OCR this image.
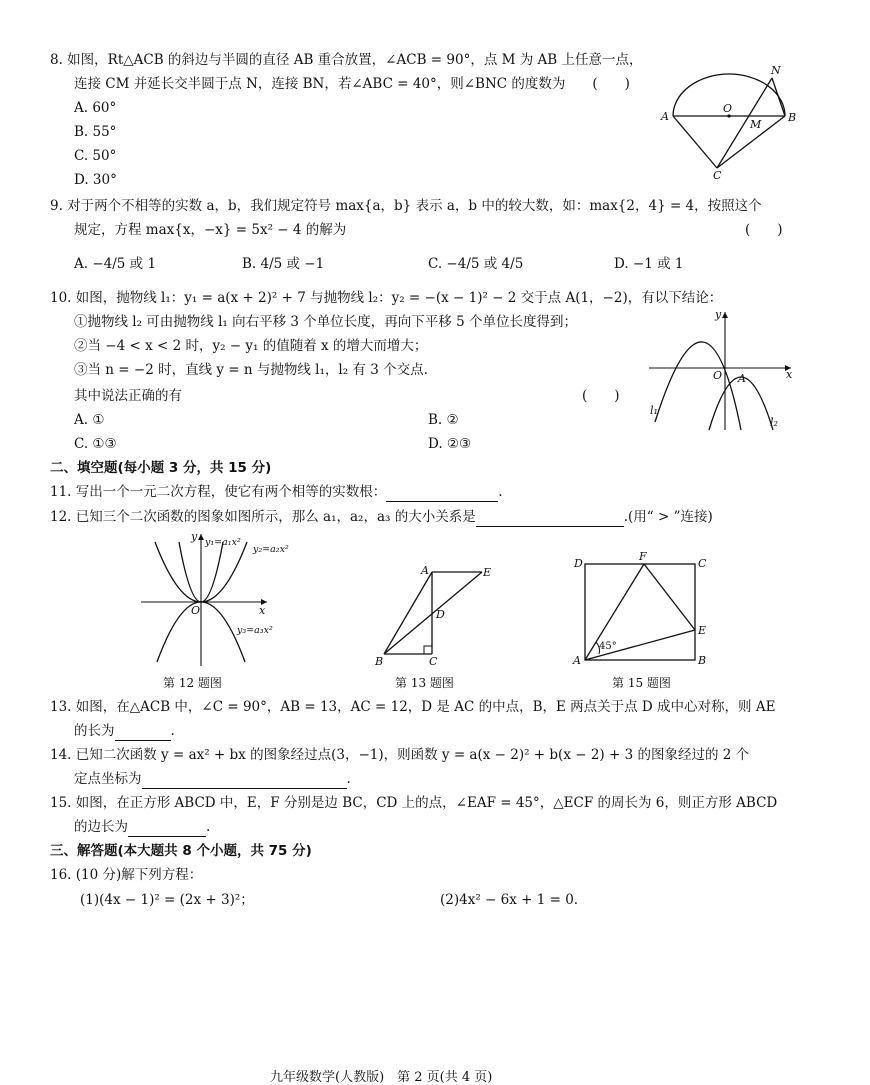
8. 如图，Rt△ACB 的斜边与半圆的直径 AB 重合放置，∠ACB = 90°，点 M 为 AB 上任意一点，
连接 CM 并延长交半圆于点 N，连接 BN，若∠ABC = 40°，则∠BNC 的度数为　　(　　)
A. 60°
B. 55°
C. 50°
D. 30°
A	B
C
O
M
N
9. 对于两个不相等的实数 a，b，我们规定符号 max{a，b} 表示 a，b 中的较大数，如：max{2，4} = 4，按照这个
规定，方程 max{x，−x} = 5x² − 4 的解为	(　　)
A. −4/5 或 1	B. 4/5 或 −1	C. −4/5 或 4/5	D. −1 或 1
10. 如图，抛物线 l₁：y₁ = a(x + 2)² + 7 与抛物线 l₂：y₂ = −(x − 1)² − 2 交于点 A(1，−2)，有以下结论：
①抛物线 l₂ 可由抛物线 l₁ 向右平移 3 个单位长度，再向下平移 5 个单位长度得到；
②当 −4 < x < 2 时，y₂ − y₁ 的值随着 x 的增大而增大；
③当 n = −2 时，直线 y = n 与抛物线 l₁，l₂ 有 3 个交点.
其中说法正确的有	(　　)
A. ①	B. ②
C. ①③	D. ②③
y
x
O A
l₁
l₂
二、填空题(每小题 3 分，共 15 分)
11. 写出一个一元二次方程，使它有两个相等的实数根：	.
12. 已知三个二次函数的图象如图所示，那么 a₁，a₂，a₃ 的大小关系是	.(用“ > ”连接)
y
x
O
y₁=a₁x²
y₂=a₂x²
y₃=a₃x²
第 12 题图
A	E
D
B	C
第 13 题图
D	C
F
E
A	B
45°
第 15 题图
13. 如图，在△ACB 中，∠C = 90°，AB = 13，AC = 12，D 是 AC 的中点，B，E 两点关于点 D 成中心对称，则 AE
的长为	.
14. 已知二次函数 y = ax² + bx 的图象经过点(3，−1)，则函数 y = a(x − 2)² + b(x − 2) + 3 的图象经过的 2 个
定点坐标为	.
15. 如图，在正方形 ABCD 中，E，F 分别是边 BC，CD 上的点，∠EAF = 45°，△ECF 的周长为 6，则正方形 ABCD
的边长为	.
三、解答题(本大题共 8 个小题，共 75 分)
16. (10 分)解下列方程：
(1)(4x − 1)² = (2x + 3)²；	(2)4x² − 6x + 1 = 0.
九年级数学(人教版)　第 2 页(共 4 页)
